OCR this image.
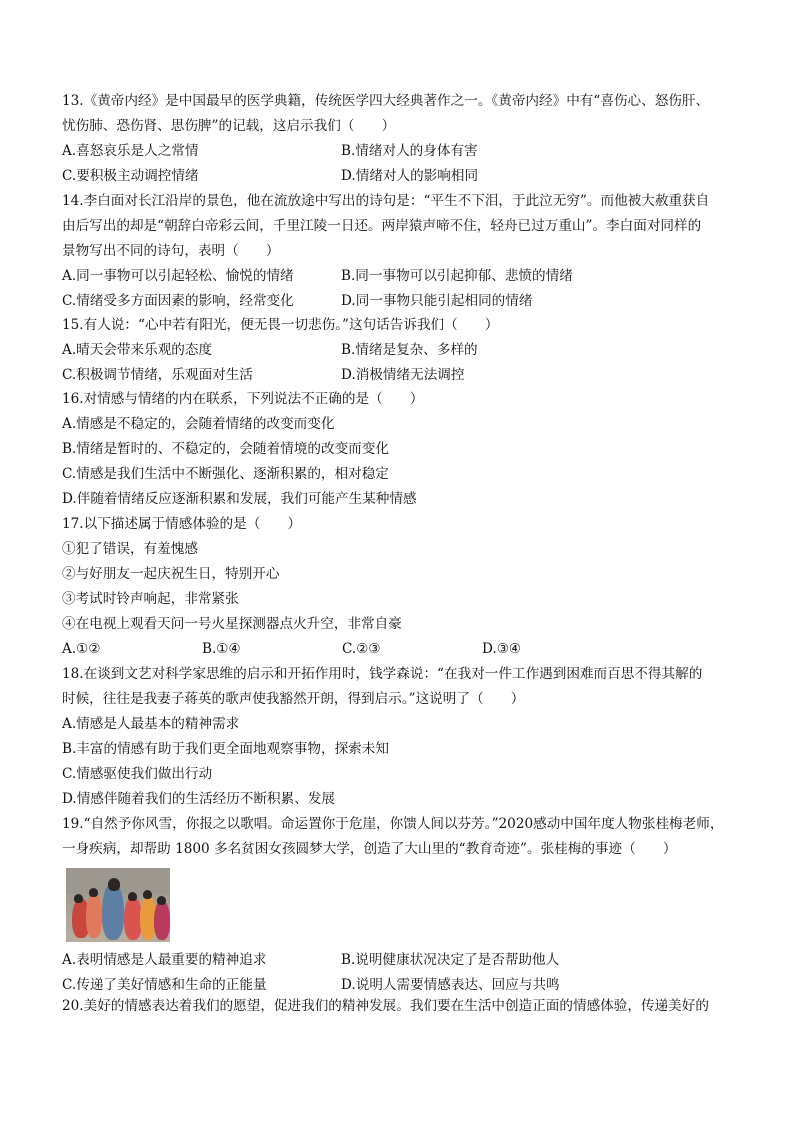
13.《黄帝内经》是中国最早的医学典籍，传统医学四大经典著作之一。《黄帝内经》中有“喜伤心、怒伤肝、
忧伤肺、恐伤肾、思伤脾”的记载，这启示我们（　　）
A.喜怒哀乐是人之常情	B.情绪对人的身体有害
C.要积极主动调控情绪	D.情绪对人的影响相同
14.李白面对长江沿岸的景色，他在流放途中写出的诗句是：“平生不下泪，于此泣无穷”。而他被大赦重获自
由后写出的却是“朝辞白帝彩云间，千里江陵一日还。两岸猿声啼不住，轻舟已过万重山”。李白面对同样的
景物写出不同的诗句，表明（　　）
A.同一事物可以引起轻松、愉悦的情绪	B.同一事物可以引起抑郁、悲愤的情绪
C.情绪受多方面因素的影响，经常变化	D.同一事物只能引起相同的情绪
15.有人说：“心中若有阳光，便无畏一切悲伤。”这句话告诉我们（　　）
A.晴天会带来乐观的态度	B.情绪是复杂、多样的
C.积极调节情绪，乐观面对生活	D.消极情绪无法调控
16.对情感与情绪的内在联系，下列说法不正确的是（　　）
A.情感是不稳定的，会随着情绪的改变而变化
B.情绪是暂时的、不稳定的，会随着情境的改变而变化
C.情感是我们生活中不断强化、逐渐积累的，相对稳定
D.伴随着情绪反应逐渐积累和发展，我们可能产生某种情感
17.以下描述属于情感体验的是（　　）
①犯了错误，有羞愧感
②与好朋友一起庆祝生日，特别开心
③考试时铃声响起，非常紧张
④在电视上观看天问一号火星探测器点火升空，非常自豪
A.①②	B.①④	C.②③	D.③④
18.在谈到文艺对科学家思维的启示和开拓作用时，钱学森说：“在我对一件工作遇到困难而百思不得其解的
时候，往往是我妻子蒋英的歌声使我豁然开朗，得到启示。”这说明了（　　）
A.情感是人最基本的精神需求
B.丰富的情感有助于我们更全面地观察事物，探索未知
C.情感驱使我们做出行动
D.情感伴随着我们的生活经历不断积累、发展
19.“自然予你风雪，你报之以歌唱。命运置你于危崖，你馈人间以芬芳。”2020感动中国年度人物张桂梅老师，
一身疾病，却帮助 1800 多名贫困女孩圆梦大学，创造了大山里的“教育奇迹”。张桂梅的事迹（　　）
A.表明情感是人最重要的精神追求	B.说明健康状况决定了是否帮助他人
C.传递了美好情感和生命的正能量	D.说明人需要情感表达、回应与共鸣
20.美好的情感表达着我们的愿望，促进我们的精神发展。我们要在生活中创造正面的情感体验，传递美好的
